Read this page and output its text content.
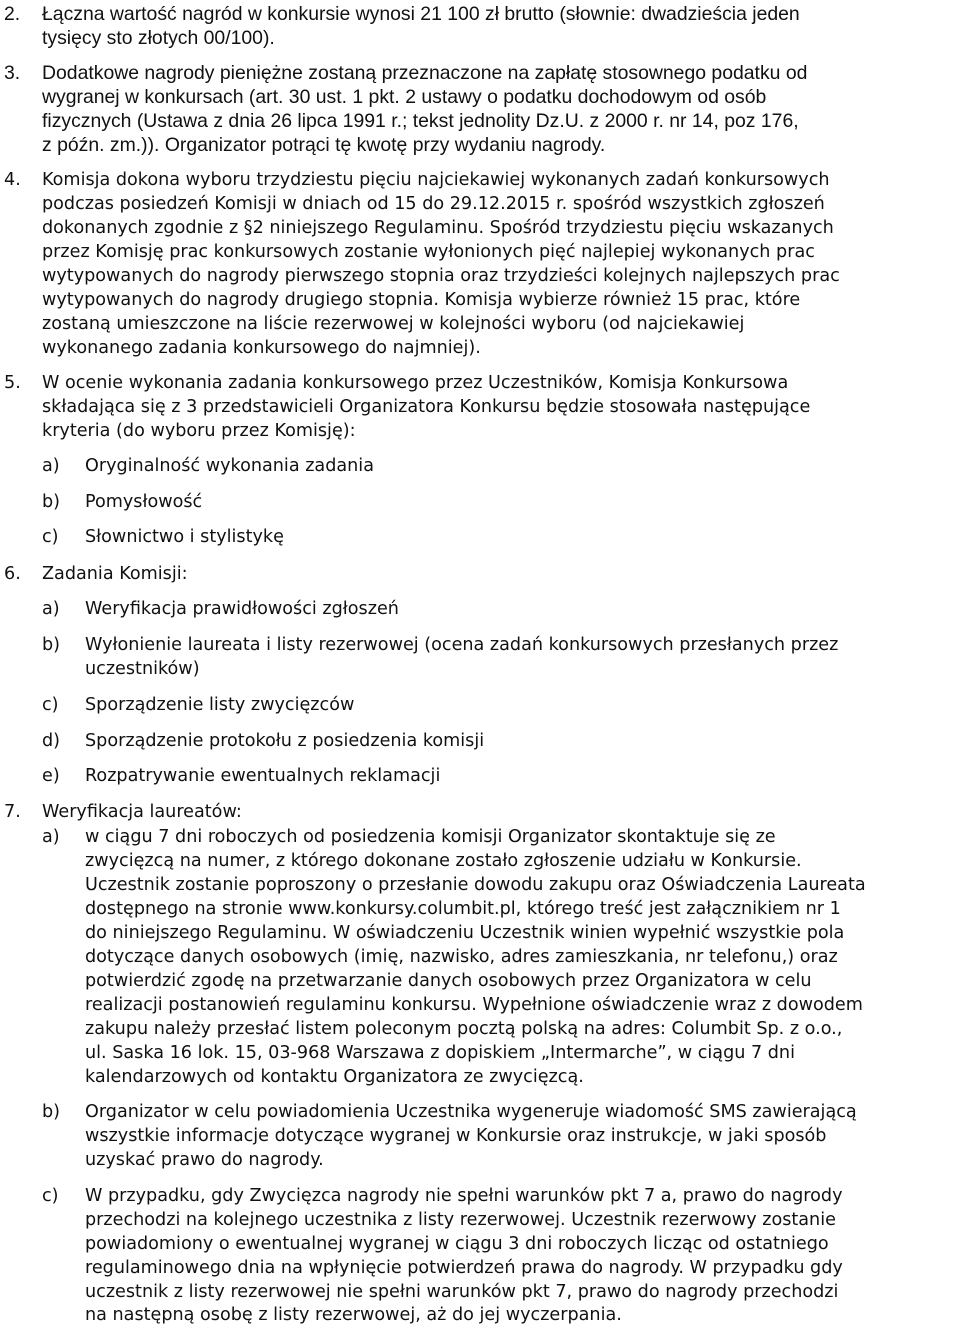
2. Łączna wartość nagród w konkursie wynosi 21 100 zł brutto (słownie: dwadzieścia jeden
tysięcy sto złotych 00/100).
3. Dodatkowe nagrody pieniężne zostaną przeznaczone na zapłatę stosownego podatku od
wygranej w konkursach (art. 30 ust. 1 pkt. 2 ustawy o podatku dochodowym od osób
fizycznych (Ustawa z dnia 26 lipca 1991 r.; tekst jednolity Dz.U. z 2000 r. nr 14, poz 176,
z późn. zm.)). Organizator potrąci tę kwotę przy wydaniu nagrody.
4. Komisja dokona wyboru trzydziestu pięciu najciekawiej wykonanych zadań konkursowych
podczas posiedzeń Komisji w dniach od 15 do 29.12.2015 r. spośród wszystkich zgłoszeń
dokonanych zgodnie z §2 niniejszego Regulaminu. Spośród trzydziestu pięciu wskazanych
przez Komisję prac konkursowych zostanie wyłonionych pięć najlepiej wykonanych prac
wytypowanych do nagrody pierwszego stopnia oraz trzydzieści kolejnych najlepszych prac
wytypowanych do nagrody drugiego stopnia. Komisja wybierze również 15 prac, które
zostaną umieszczone na liście rezerwowej w kolejności wyboru (od najciekawiej
wykonanego zadania konkursowego do najmniej).
5. W ocenie wykonania zadania konkursowego przez Uczestników, Komisja Konkursowa
składająca się z 3 przedstawicieli Organizatora Konkursu będzie stosowała następujące
kryteria (do wyboru przez Komisję):
a) Oryginalność wykonania zadania
b) Pomysłowość
c) Słownictwo i stylistykę
6. Zadania Komisji:
a) Weryfikacja prawidłowości zgłoszeń
b) Wyłonienie laureata i listy rezerwowej (ocena zadań konkursowych przesłanych przez
uczestników)
c) Sporządzenie listy zwycięzców
d) Sporządzenie protokołu z posiedzenia komisji
e) Rozpatrywanie ewentualnych reklamacji
7. Weryfikacja laureatów:
a) w ciągu 7 dni roboczych od posiedzenia komisji Organizator skontaktuje się ze
zwycięzcą na numer, z którego dokonane zostało zgłoszenie udziału w Konkursie.
Uczestnik zostanie poproszony o przesłanie dowodu zakupu oraz Oświadczenia Laureata
dostępnego na stronie www.konkursy.columbit.pl, którego treść jest załącznikiem nr 1
do niniejszego Regulaminu. W oświadczeniu Uczestnik winien wypełnić wszystkie pola
dotyczące danych osobowych (imię, nazwisko, adres zamieszkania, nr telefonu,) oraz
potwierdzić zgodę na przetwarzanie danych osobowych przez Organizatora w celu
realizacji postanowień regulaminu konkursu. Wypełnione oświadczenie wraz z dowodem
zakupu należy przesłać listem poleconym pocztą polską na adres: Columbit Sp. z o.o.,
ul. Saska 16 lok. 15, 03-968 Warszawa z dopiskiem „Intermarche”, w ciągu 7 dni
kalendarzowych od kontaktu Organizatora ze zwycięzcą.
b) Organizator w celu powiadomienia Uczestnika wygeneruje wiadomość SMS zawierającą
wszystkie informacje dotyczące wygranej w Konkursie oraz instrukcje, w jaki sposób
uzyskać prawo do nagrody.
c) W przypadku, gdy Zwycięzca nagrody nie spełni warunków pkt 7 a, prawo do nagrody
przechodzi na kolejnego uczestnika z listy rezerwowej. Uczestnik rezerwowy zostanie
powiadomiony o ewentualnej wygranej w ciągu 3 dni roboczych licząc od ostatniego
regulaminowego dnia na wpłynięcie potwierdzeń prawa do nagrody. W przypadku gdy
uczestnik z listy rezerwowej nie spełni warunków pkt 7, prawo do nagrody przechodzi
na następną osobę z listy rezerwowej, aż do jej wyczerpania.
